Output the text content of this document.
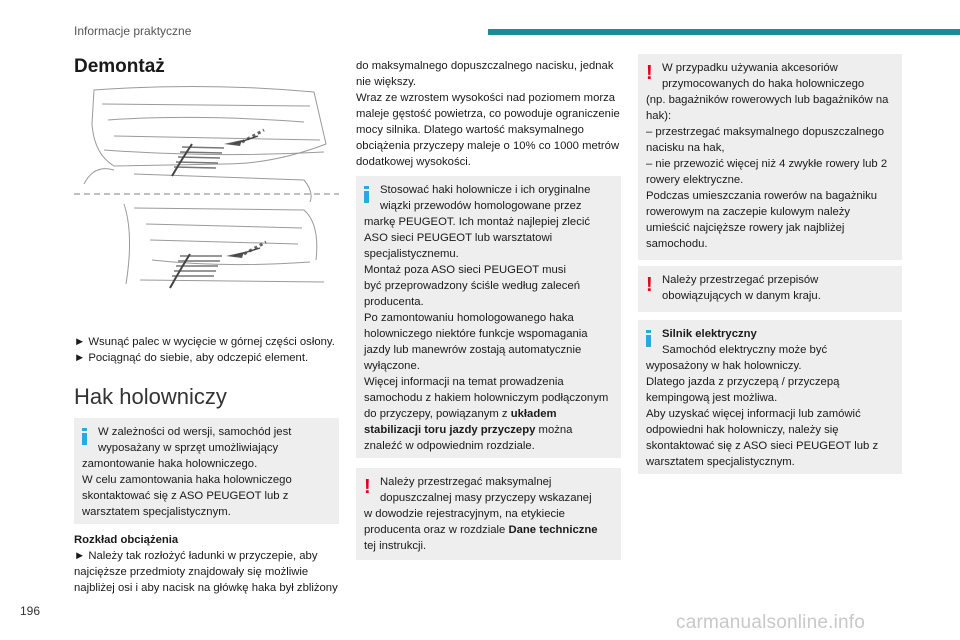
Informacje praktyczne
Demontaż
► Wsunąć palec w wycięcie w górnej części osłony.
► Pociągnąć do siebie, aby odczepić element.
Hak holowniczy
W zależności od wersji, samochód jest
wyposażany w sprzęt umożliwiający
zamontowanie haka holowniczego.
W celu zamontowania haka holowniczego
skontaktować się z ASO PEUGEOT lub z
warsztatem specjalistycznym.
Rozkład obciążenia
► Należy tak rozłożyć ładunki w przyczepie, aby
najcięższe przedmioty znajdowały się możliwie
najbliżej osi i aby nacisk na główkę haka był zbliżony
do maksymalnego dopuszczalnego nacisku, jednak
nie większy.
Wraz ze wzrostem wysokości nad poziomem morza
maleje gęstość powietrza, co powoduje ograniczenie
mocy silnika. Dlatego wartość maksymalnego
obciążenia przyczepy maleje o 10% co 1000 metrów
dodatkowej wysokości.
Stosować haki holownicze i ich oryginalne
wiązki przewodów homologowane przez
markę PEUGEOT. Ich montaż najlepiej zlecić
ASO sieci PEUGEOT lub warsztatowi
specjalistycznemu.
Montaż poza ASO sieci PEUGEOT musi
być przeprowadzony ściśle według zaleceń
producenta.
Po zamontowaniu homologowanego haka
holowniczego niektóre funkcje wspomagania
jazdy lub manewrów zostają automatycznie
wyłączone.
Więcej informacji na temat prowadzenia
samochodu z hakiem holowniczym podłączonym
do przyczepy, powiązanym z układem
stabilizacji toru jazdy przyczepy można
znaleźć w odpowiednim rozdziale.
! Należy przestrzegać maksymalnej
dopuszczalnej masy przyczepy wskazanej
w dowodzie rejestracyjnym, na etykiecie
producenta oraz w rozdziale Dane techniczne
tej instrukcji.
! W przypadku używania akcesoriów
przymocowanych do haka holowniczego
(np. bagażników rowerowych lub bagażników na
hak):
– przestrzegać maksymalnego dopuszczalnego
nacisku na hak,
– nie przewozić więcej niż 4 zwykłe rowery lub 2
rowery elektryczne.
Podczas umieszczania rowerów na bagażniku
rowerowym na zaczepie kulowym należy
umieścić najcięższe rowery jak najbliżej
samochodu.
! Należy przestrzegać przepisów
obowiązujących w danym kraju.
Silnik elektryczny
Samochód elektryczny może być
wyposażony w hak holowniczy.
Dlatego jazda z przyczepą / przyczepą
kempingową jest możliwa.
Aby uzyskać więcej informacji lub zamówić
odpowiedni hak holowniczy, należy się
skontaktować się z ASO sieci PEUGEOT lub z
warsztatem specjalistycznym.
196
carmanualsonline.info
